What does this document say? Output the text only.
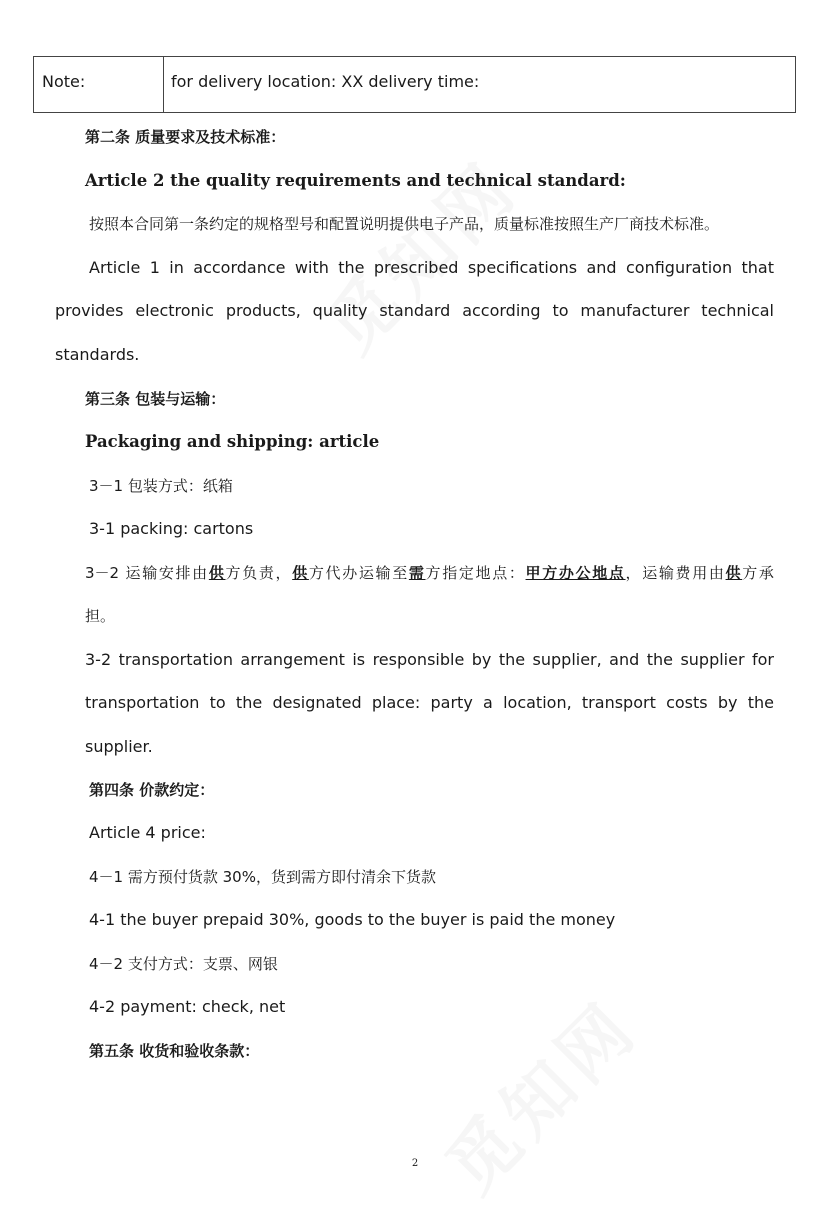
Note:	for delivery location: XX delivery time:
第二条 质量要求及技术标准：
Article 2 the quality requirements and technical standard:
按照本合同第一条约定的规格型号和配置说明提供电子产品，质量标准按照生产厂商技术标准。
Article 1 in accordance with the prescribed specifications and configuration that
provides electronic products, quality standard according to manufacturer technical
standards.
第三条 包装与运输：
Packaging and shipping: article
3－1 包装方式：纸箱
3-1 packing: cartons
3－2 运输安排由供方负责，供方代办运输至需方指定地点：甲方办公地点，运输费用由供方承
担。
3-2 transportation arrangement is responsible by the supplier, and the supplier for
transportation to the designated place: party a location, transport costs by the
supplier.
第四条 价款约定：
Article 4 price:
4－1 需方预付货款 30%，货到需方即付清余下货款
4-1 the buyer prepaid 30%, goods to the buyer is paid the money
4－2 支付方式：支票、网银
4-2 payment: check, net
第五条 收货和验收条款：
2
